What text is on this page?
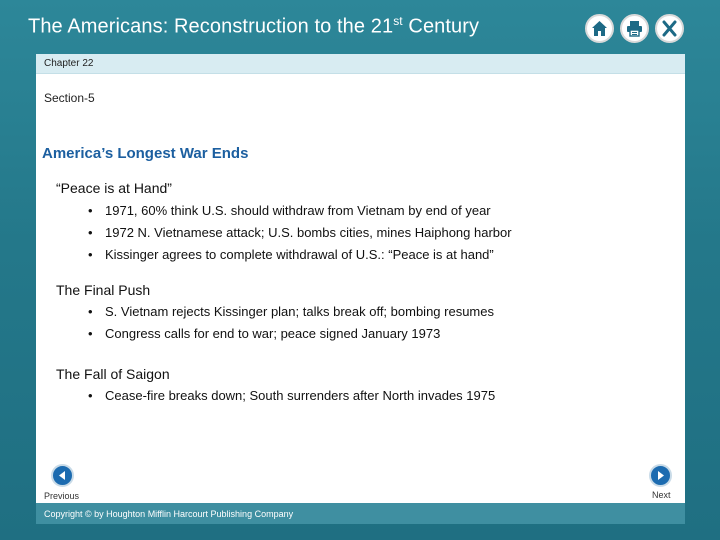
The Americans: Reconstruction to the 21st Century
Chapter 22
Section-5
America’s Longest War Ends
“Peace is at Hand”
• 1971, 60% think U.S. should withdraw from Vietnam by end of year
• 1972 N. Vietnamese attack; U.S. bombs cities, mines Haiphong harbor
• Kissinger agrees to complete withdrawal of U.S.: “Peace is at hand”
The Final Push
• S. Vietnam rejects Kissinger plan; talks break off; bombing resumes
• Congress calls for end to war; peace signed January 1973
The Fall of Saigon
• Cease-fire breaks down; South surrenders after North invades 1975
Previous	Next
Copyright © by Houghton Mifflin Harcourt Publishing Company
